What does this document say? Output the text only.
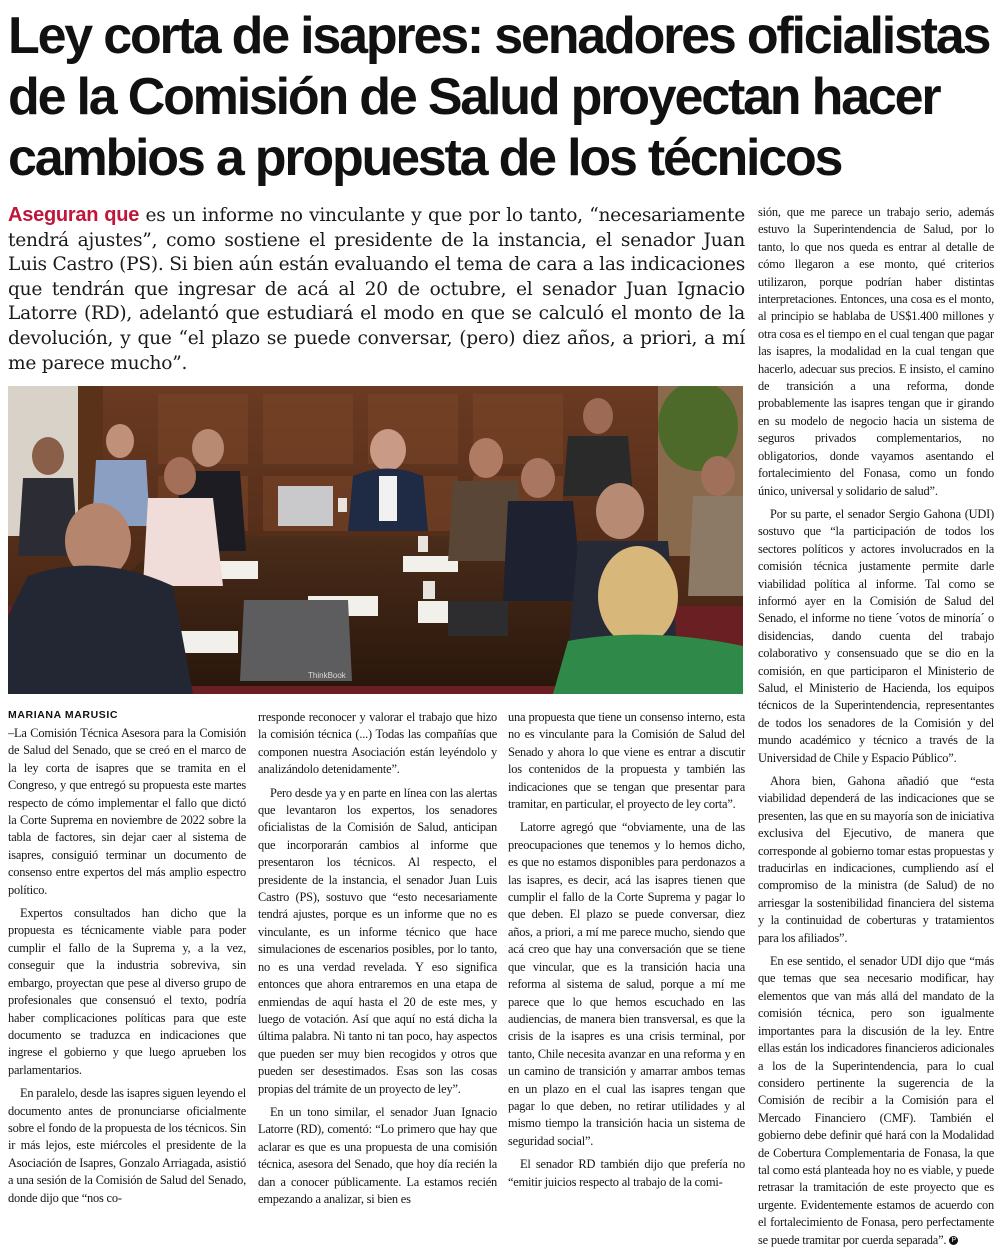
Ley corta de isapres: senadores oficialistas de la Comisión de Salud proyectan hacer cambios a propuesta de los técnicos

Aseguran que es un informe no vinculante y que por lo tanto, “necesariamente tendrá ajustes”, como sostiene el presidente de la instancia, el senador Juan Luis Castro (PS). Si bien aún están evaluando el tema de cara a las indicaciones que tendrán que ingresar de acá al 20 de octubre, el senador Juan Ignacio Latorre (RD), adelantó que estudiará el modo en que se calculó el monto de la devolución, y que “el plazo se puede conversar, (pero) diez años, a priori, a mí me parece mucho”.

ThinkBook

MARIANA MARUSIC

–La Comisión Técnica Asesora para la Comisión de Salud del Senado, que se creó en el marco de la ley corta de isapres que se tramita en el Congreso, y que entregó su propuesta este martes respecto de cómo implementar el fallo que dictó la Corte Suprema en noviembre de 2022 sobre la tabla de factores, sin dejar caer al sistema de isapres, consiguió terminar un documento de consenso entre expertos del más amplio espectro político.

Expertos consultados han dicho que la propuesta es técnicamente viable para poder cumplir el fallo de la Suprema y, a la vez, conseguir que la industria sobreviva, sin embargo, proyectan que pese al diverso grupo de profesionales que consensuó el texto, podría haber complicaciones políticas para que este documento se traduzca en indicaciones que ingrese el gobierno y que luego aprueben los parlamentarios.

En paralelo, desde las isapres siguen leyendo el documento antes de pronunciarse oficialmente sobre el fondo de la propuesta de los técnicos. Sin ir más lejos, este miércoles el presidente de la Asociación de Isapres, Gonzalo Arriagada, asistió a una sesión de la Comisión de Salud del Senado, donde dijo que “nos co-

rresponde reconocer y valorar el trabajo que hizo la comisión técnica (...) Todas las compañías que componen nuestra Asociación están leyéndolo y analizándolo detenidamente”.

Pero desde ya y en parte en línea con las alertas que levantaron los expertos, los senadores oficialistas de la Comisión de Salud, anticipan que incorporarán cambios al informe que presentaron los técnicos. Al respecto, el presidente de la instancia, el senador Juan Luis Castro (PS), sostuvo que “esto necesariamente tendrá ajustes, porque es un informe que no es vinculante, es un informe técnico que hace simulaciones de escenarios posibles, por lo tanto, no es una verdad revelada. Y eso significa entonces que ahora entraremos en una etapa de enmiendas de aquí hasta el 20 de este mes, y luego de votación. Así que aquí no está dicha la última palabra. Ni tanto ni tan poco, hay aspectos que pueden ser muy bien recogidos y otros que pueden ser desestimados. Esas son las cosas propias del trámite de un proyecto de ley”.

En un tono similar, el senador Juan Ignacio Latorre (RD), comentó: “Lo primero que hay que aclarar es que es una propuesta de una comisión técnica, asesora del Senado, que hoy día recién la dan a conocer públicamente. La estamos recién empezando a analizar, si bien es

una propuesta que tiene un consenso interno, esta no es vinculante para la Comisión de Salud del Senado y ahora lo que viene es entrar a discutir los contenidos de la propuesta y también las indicaciones que se tengan que presentar para tramitar, en particular, el proyecto de ley corta”.

Latorre agregó que “obviamente, una de las preocupaciones que tenemos y lo hemos dicho, es que no estamos disponibles para perdonazos a las isapres, es decir, acá las isapres tienen que cumplir el fallo de la Corte Suprema y pagar lo que deben. El plazo se puede conversar, diez años, a priori, a mí me parece mucho, siendo que acá creo que hay una conversación que se tiene que vincular, que es la transición hacia una reforma al sistema de salud, porque a mí me parece que lo que hemos escuchado en las audiencias, de manera bien transversal, es que la crisis de la isapres es una crisis terminal, por tanto, Chile necesita avanzar en una reforma y en un camino de transición y amarrar ambos temas en un plazo en el cual las isapres tengan que pagar lo que deben, no retirar utilidades y al mismo tiempo la transición hacia un sistema de seguridad social”.

El senador RD también dijo que prefería no “emitir juicios respecto al trabajo de la comi-

sión, que me parece un trabajo serio, además estuvo la Superintendencia de Salud, por lo tanto, lo que nos queda es entrar al detalle de cómo llegaron a ese monto, qué criterios utilizaron, porque podrían haber distintas interpretaciones. Entonces, una cosa es el monto, al principio se hablaba de US$1.400 millones y otra cosa es el tiempo en el cual tengan que pagar las isapres, la modalidad en la cual tengan que hacerlo, adecuar sus precios. E insisto, el camino de transición a una reforma, donde probablemente las isapres tengan que ir girando en su modelo de negocio hacia un sistema de seguros privados complementarios, no obligatorios, donde vayamos asentando el fortalecimiento del Fonasa, como un fondo único, universal y solidario de salud”.

Por su parte, el senador Sergio Gahona (UDI) sostuvo que “la participación de todos los sectores políticos y actores involucrados en la comisión técnica justamente permite darle viabilidad política al informe. Tal como se informó ayer en la Comisión de Salud del Senado, el informe no tiene ´votos de minoría´ o disidencias, dando cuenta del trabajo colaborativo y consensuado que se dio en la comisión, en que participaron el Ministerio de Salud, el Ministerio de Hacienda, los equipos técnicos de la Superintendencia, representantes de todos los senadores de la Comisión y del mundo académico y técnico a través de la Universidad de Chile y Espacio Público”.

Ahora bien, Gahona añadió que “esta viabilidad dependerá de las indicaciones que se presenten, las que en su mayoría son de iniciativa exclusiva del Ejecutivo, de manera que corresponde al gobierno tomar estas propuestas y traducirlas en indicaciones, cumpliendo así el compromiso de la ministra (de Salud) de no arriesgar la sostenibilidad financiera del sistema y la continuidad de coberturas y tratamientos para los afiliados”.

En ese sentido, el senador UDI dijo que “más que temas que sea necesario modificar, hay elementos que van más allá del mandato de la comisión técnica, pero son igualmente importantes para la discusión de la ley. Entre ellas están los indicadores financieros adicionales a los de la Superintendencia, para lo cual considero pertinente la sugerencia de la Comisión de recibir a la Comisión para el Mercado Financiero (CMF). También el gobierno debe definir qué hará con la Modalidad de Cobertura Complementaria de Fonasa, la que tal como está planteada hoy no es viable, y puede retrasar la tramitación de este proyecto que es urgente. Evidentemente estamos de acuerdo con el fortalecimiento de Fonasa, pero perfectamente se puede tramitar por cuerda separada”. P
